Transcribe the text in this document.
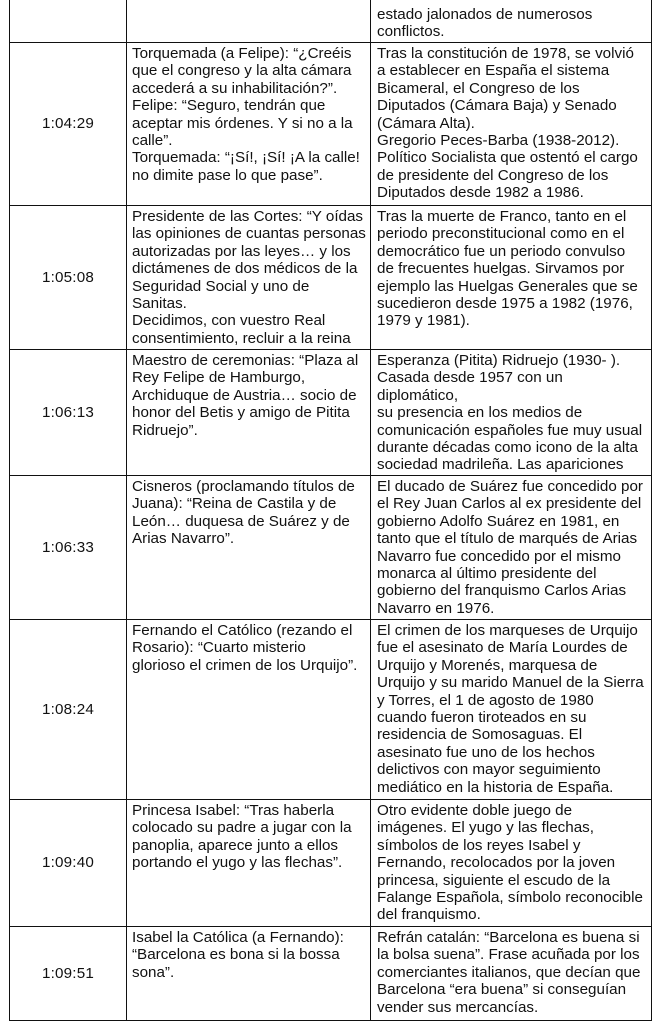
estado jalonados de numerosos
conflictos.
1:04:29
Torquemada (a Felipe): “¿Creéis
que el congreso y la alta cámara
accederá a su inhabilitación?”.
Felipe: “Seguro, tendrán que
aceptar mis órdenes. Y si no a la
calle”.
Torquemada: “¡Sí!, ¡Sí! ¡A la calle!
no dimite pase lo que pase”.
Tras la constitución de 1978, se volvió
a establecer en España el sistema
Bicameral, el Congreso de los
Diputados (Cámara Baja) y Senado
(Cámara Alta).
Gregorio Peces-Barba (1938-2012).
Político Socialista que ostentó el cargo
de presidente del Congreso de los
Diputados desde 1982 a 1986.
1:05:08
Presidente de las Cortes: “Y oídas
las opiniones de cuantas personas
autorizadas por las leyes… y los
dictámenes de dos médicos de la
Seguridad Social y uno de Sanitas.
Decidimos, con vuestro Real
consentimiento, recluir a la reina

Tras la muerte de Franco, tanto en el
periodo preconstitucional como en el
democrático fue un periodo convulso
de frecuentes huelgas. Sirvamos por
ejemplo las Huelgas Generales que se
sucedieron desde 1975 a 1982 (1976,
1979 y 1981).
1:06:13
Maestro de ceremonias: “Plaza al
Rey Felipe de Hamburgo,
Archiduque de Austria… socio de
honor del Betis y amigo de Pitita
Ridruejo”.
Esperanza (Pitita) Ridruejo (1930- ).
Casada desde 1957 con un diplomático,
su presencia en los medios de
comunicación españoles fue muy usual
durante décadas como icono de la alta
sociedad madrileña. Las apariciones

1:06:33
Cisneros (proclamando títulos de
Juana): “Reina de Castila y de
León… duquesa de Suárez y de
Arias Navarro”.
El ducado de Suárez fue concedido por
el Rey Juan Carlos al ex presidente del
gobierno Adolfo Suárez en 1981, en
tanto que el título de marqués de Arias
Navarro fue concedido por el mismo
monarca al último presidente del
gobierno del franquismo Carlos Arias
Navarro en 1976.
1:08:24
Fernando el Católico (rezando el
Rosario): “Cuarto misterio
glorioso el crimen de los Urquijo”.
El crimen de los marqueses de Urquijo
fue el asesinato de María Lourdes de
Urquijo y Morenés, marquesa de
Urquijo y su marido Manuel de la Sierra
y Torres, el 1 de agosto de 1980
cuando fueron tiroteados en su
residencia de Somosaguas. El
asesinato fue uno de los hechos
delictivos con mayor seguimiento
mediático en la historia de España.
1:09:40
Princesa Isabel: “Tras haberla
colocado su padre a jugar con la
panoplia, aparece junto a ellos
portando el yugo y las flechas”.
Otro evidente doble juego de
imágenes. El yugo y las flechas,
símbolos de los reyes Isabel y
Fernando, recolocados por la joven
princesa, siguiente el escudo de la
Falange Española, símbolo reconocible
del franquismo.
1:09:51
Isabel la Católica (a Fernando):
“Barcelona es bona si la bossa
sona”.
Refrán catalán: “Barcelona es buena si
la bolsa suena”. Frase acuñada por los
comerciantes italianos, que decían que
Barcelona “era buena” si conseguían
vender sus mercancías.
